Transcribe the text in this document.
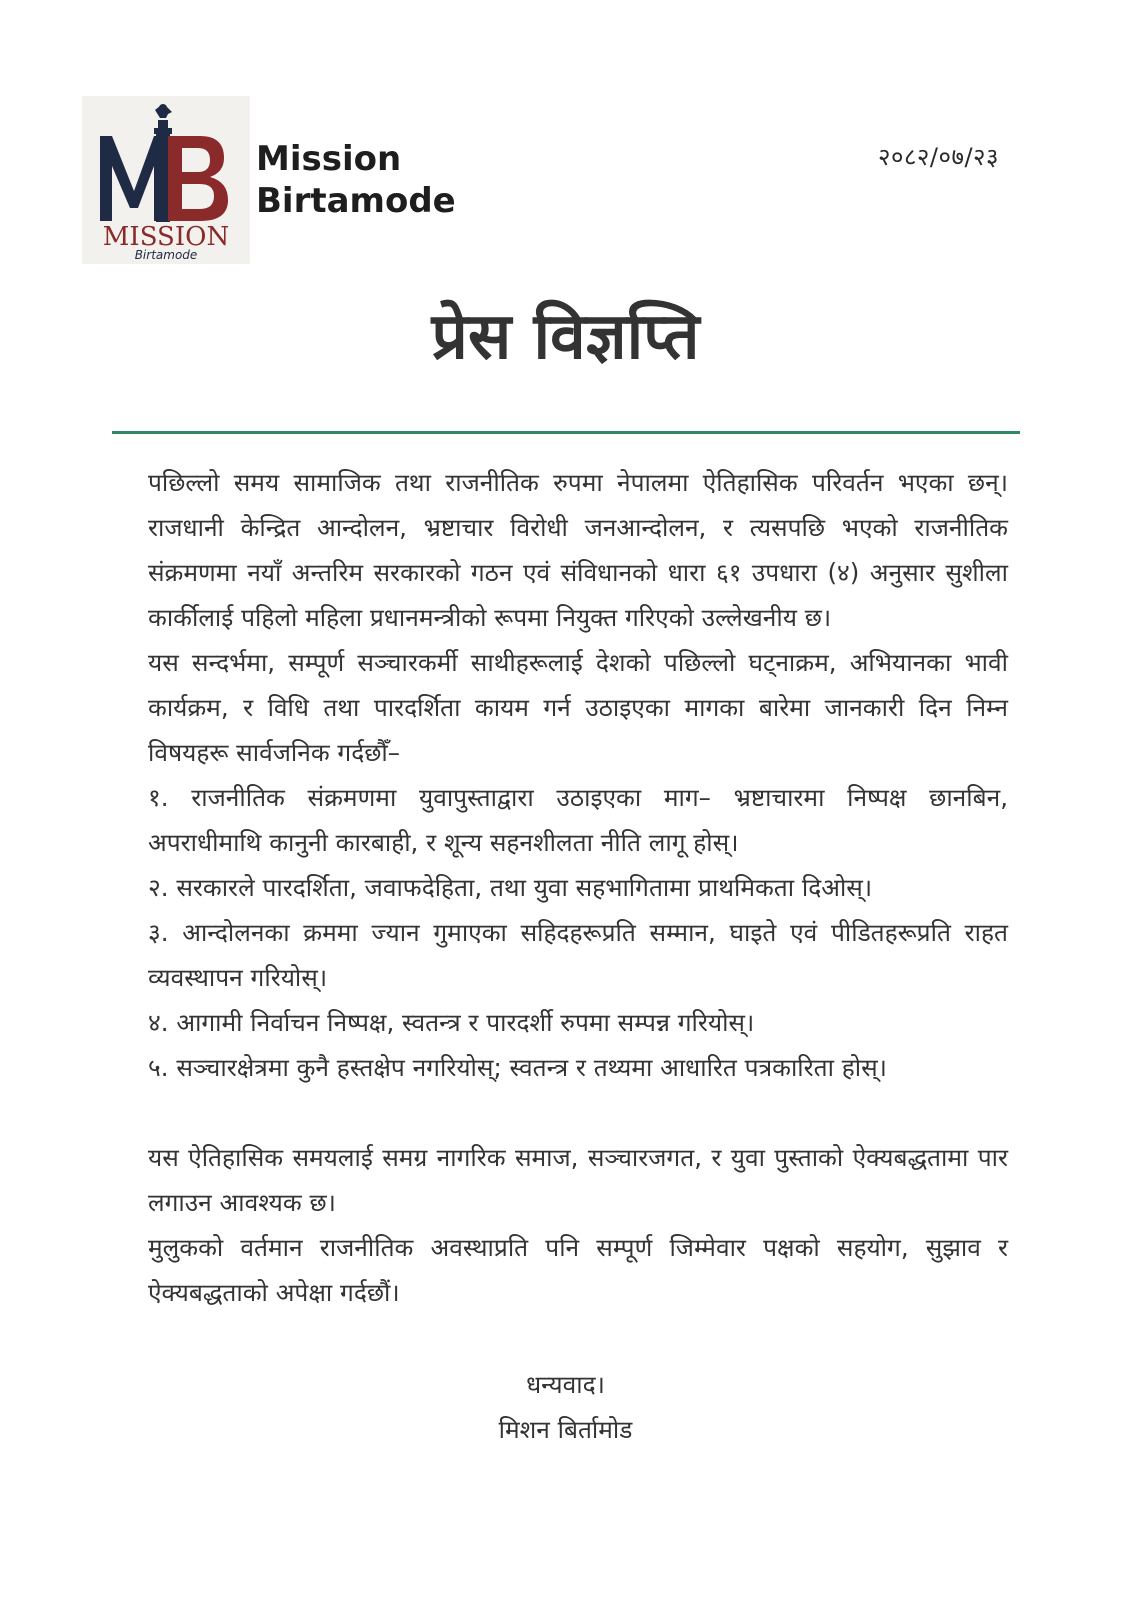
MISSION
Birtamode
Mission
Birtamode
२०८२/०७/२३
प्रेस विज्ञप्ति

पछिल्लो समय सामाजिक तथा राजनीतिक रुपमा नेपालमा ऐतिहासिक परिवर्तन भएका छन्। राजधानी केन्द्रित आन्दोलन, भ्रष्टाचार विरोधी जनआन्दोलन, र त्यसपछि भएको राजनीतिक संक्रमणमा नयाँ अन्तरिम सरकारको गठन एवं संविधानको धारा ६१ उपधारा (४) अनुसार सुशीला कार्कीलाई पहिलो महिला प्रधानमन्त्रीको रूपमा नियुक्त गरिएको उल्लेखनीय छ।

यस सन्दर्भमा, सम्पूर्ण सञ्चारकर्मी साथीहरूलाई देशको पछिल्लो घट्नाक्रम, अभियानका भावी कार्यक्रम, र विधि तथा पारदर्शिता कायम गर्न उठाइएका मागका बारेमा जानकारी दिन निम्न विषयहरू सार्वजनिक गर्दछौँ–

१. राजनीतिक संक्रमणमा युवापुस्ताद्वारा उठाइएका माग– भ्रष्टाचारमा निष्पक्ष छानबिन, अपराधीमाथि कानुनी कारबाही, र शून्य सहनशीलता नीति लागू होस्।

२. सरकारले पारदर्शिता, जवाफदेहिता, तथा युवा सहभागितामा प्राथमिकता दिओस्।

३. आन्दोलनका क्रममा ज्यान गुमाएका सहिदहरूप्रति सम्मान, घाइते एवं पीडितहरूप्रति राहत व्यवस्थापन गरियोस्।

४. आगामी निर्वाचन निष्पक्ष, स्वतन्त्र र पारदर्शी रुपमा सम्पन्न गरियोस्।

५. सञ्चारक्षेत्रमा कुनै हस्तक्षेप नगरियोस्; स्वतन्त्र र तथ्यमा आधारित पत्रकारिता होस्।

यस ऐतिहासिक समयलाई समग्र नागरिक समाज, सञ्चारजगत, र युवा पुस्ताको ऐक्यबद्धतामा पार लगाउन आवश्यक छ।

मुलुकको वर्तमान राजनीतिक अवस्थाप्रति पनि सम्पूर्ण जिम्मेवार पक्षको सहयोग, सुझाव र ऐक्यबद्धताको अपेक्षा गर्दछौं।

धन्यवाद।
मिशन बिर्तामोड
